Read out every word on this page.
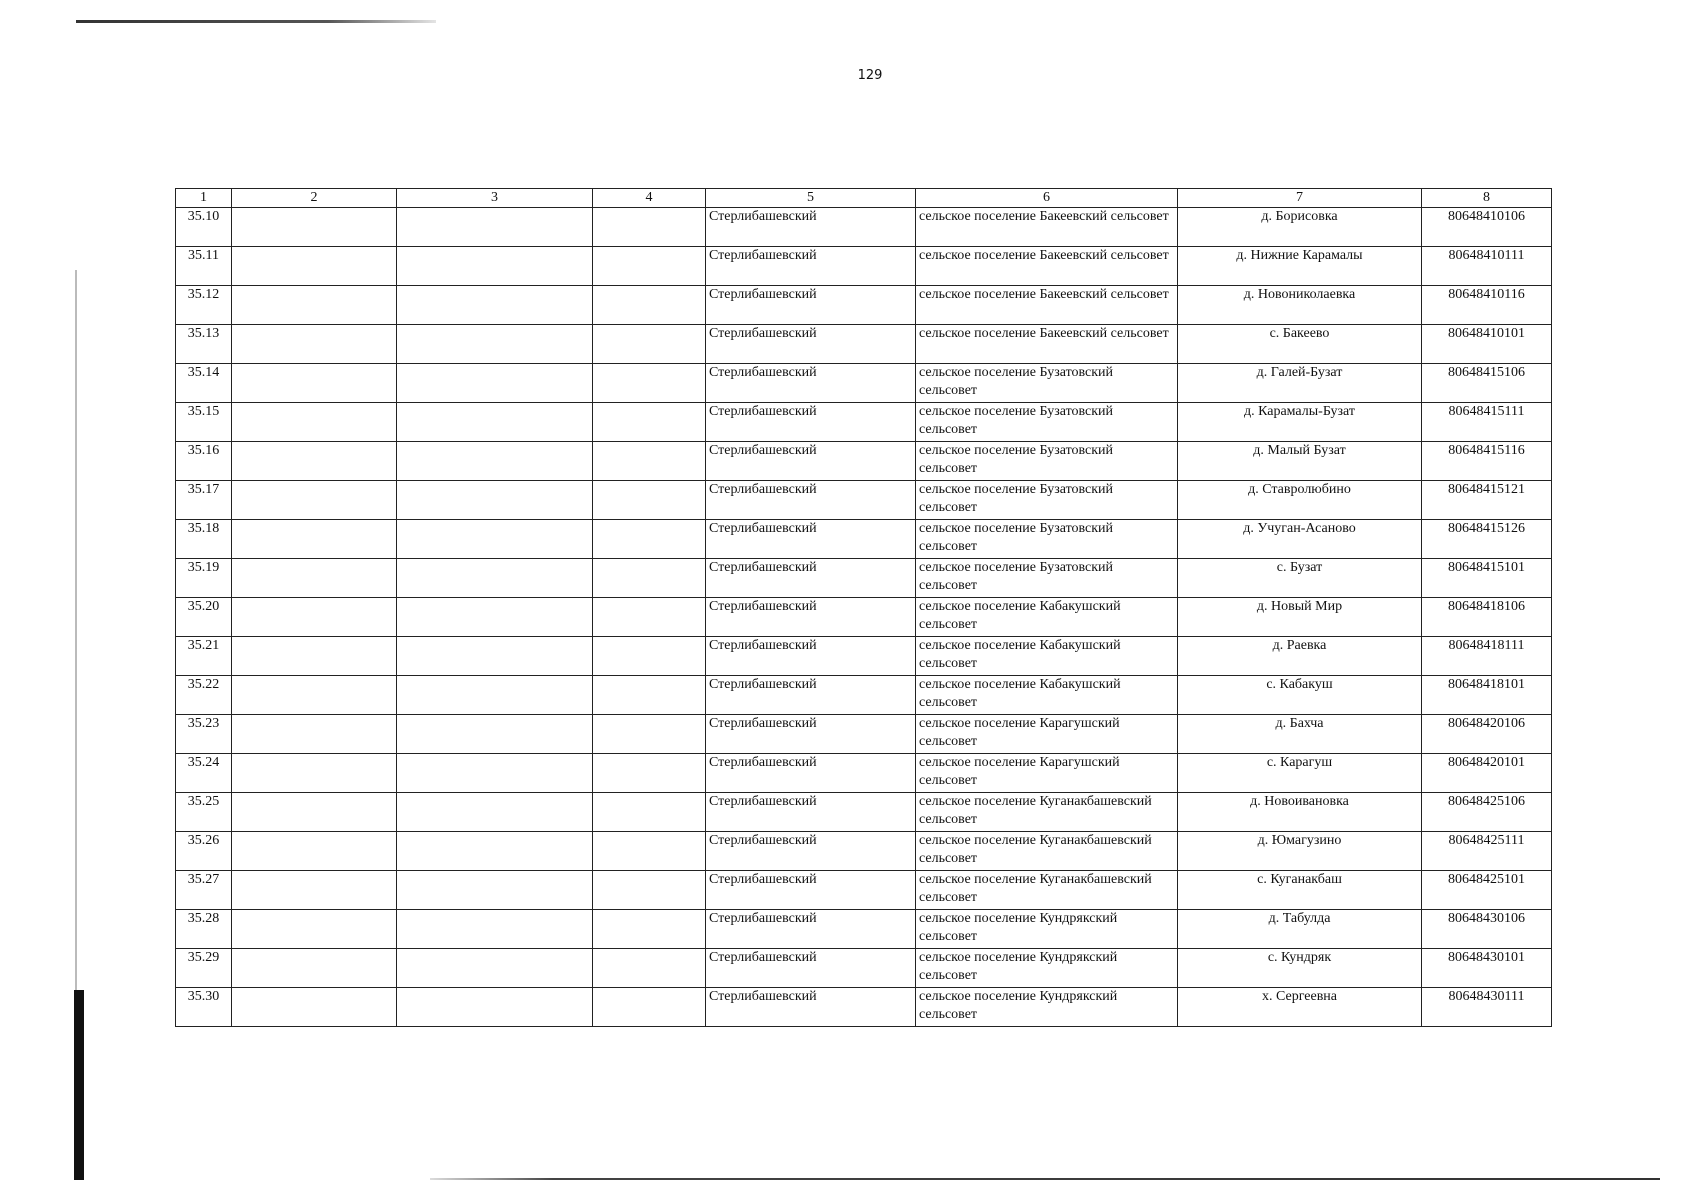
129
1	2	3	4	5	6	7	8
35.10				Стерлибашевский	сельское поселение Бакеевский сельсовет	д. Борисовка	80648410106
35.11				Стерлибашевский	сельское поселение Бакеевский сельсовет	д. Нижние Карамалы	80648410111
35.12				Стерлибашевский	сельское поселение Бакеевский сельсовет	д. Новониколаевка	80648410116
35.13				Стерлибашевский	сельское поселение Бакеевский сельсовет	с. Бакеево	80648410101
35.14				Стерлибашевский	сельское поселение Бузатовский сельсовет	д. Галей-Бузат	80648415106
35.15				Стерлибашевский	сельское поселение Бузатовский сельсовет	д. Карамалы-Бузат	80648415111
35.16				Стерлибашевский	сельское поселение Бузатовский сельсовет	д. Малый Бузат	80648415116
35.17				Стерлибашевский	сельское поселение Бузатовский сельсовет	д. Ставролюбино	80648415121
35.18				Стерлибашевский	сельское поселение Бузатовский сельсовет	д. Учуган-Асаново	80648415126
35.19				Стерлибашевский	сельское поселение Бузатовский сельсовет	с. Бузат	80648415101
35.20				Стерлибашевский	сельское поселение Кабакушский сельсовет	д. Новый Мир	80648418106
35.21				Стерлибашевский	сельское поселение Кабакушский сельсовет	д. Раевка	80648418111
35.22				Стерлибашевский	сельское поселение Кабакушский сельсовет	с. Кабакуш	80648418101
35.23				Стерлибашевский	сельское поселение Карагушский сельсовет	д. Бахча	80648420106
35.24				Стерлибашевский	сельское поселение Карагушский сельсовет	с. Карагуш	80648420101
35.25				Стерлибашевский	сельское поселение Куганакбашевский сельсовет	д. Новоивановка	80648425106
35.26				Стерлибашевский	сельское поселение Куганакбашевский сельсовет	д. Юмагузино	80648425111
35.27				Стерлибашевский	сельское поселение Куганакбашевский сельсовет	с. Куганакбаш	80648425101
35.28				Стерлибашевский	сельское поселение Кундрякский сельсовет	д. Табулда	80648430106
35.29				Стерлибашевский	сельское поселение Кундрякский сельсовет	с. Кундряк	80648430101
35.30				Стерлибашевский	сельское поселение Кундрякский сельсовет	х. Сергеевна	80648430111
